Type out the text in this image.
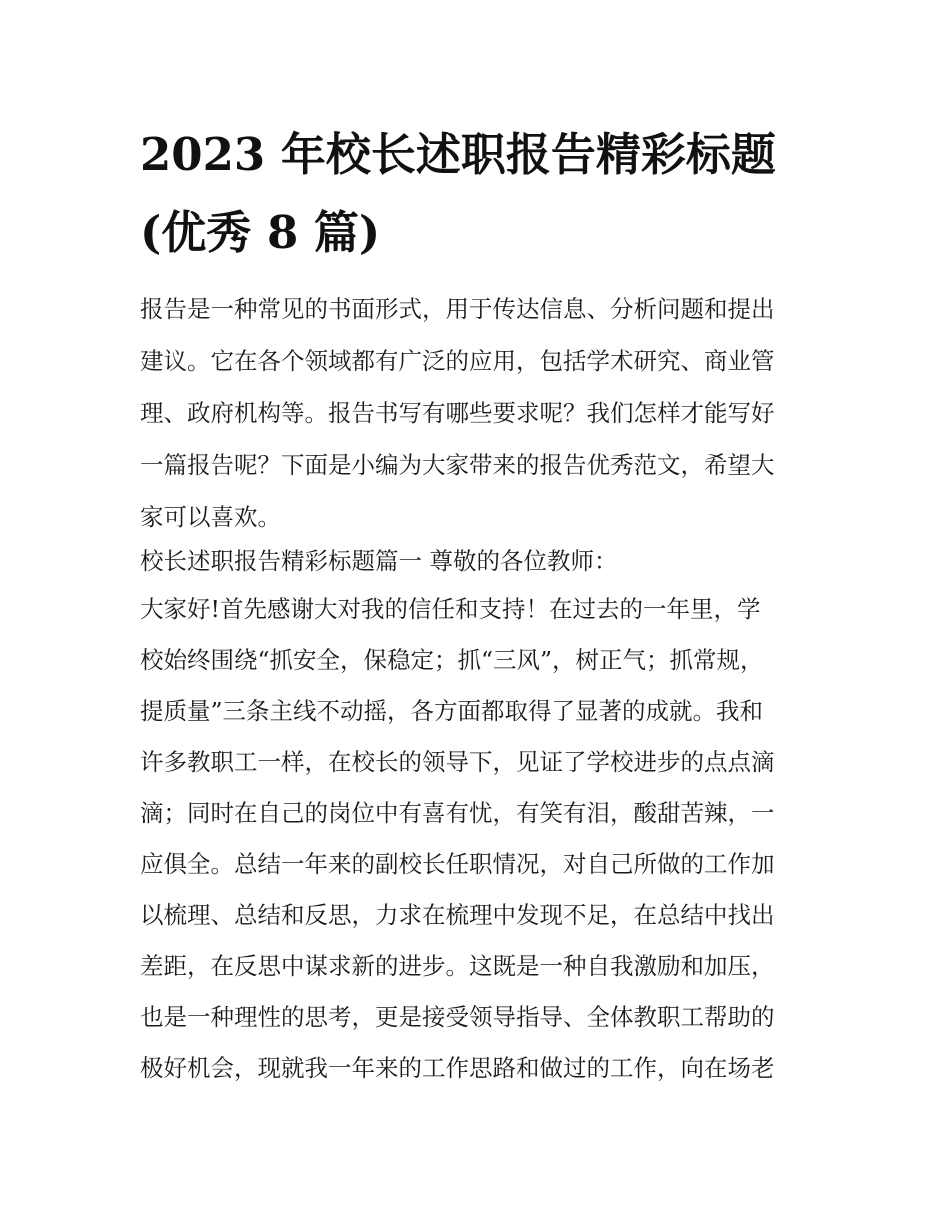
2023 年校长述职报告精彩标题
(优秀 8 篇)

报告是一种常见的书面形式，用于传达信息、分析问题和提出
建议。它在各个领域都有广泛的应用，包括学术研究、商业管
理、政府机构等。报告书写有哪些要求呢？我们怎样才能写好
一篇报告呢？下面是小编为大家带来的报告优秀范文，希望大
家可以喜欢。

校长述职报告精彩标题篇一 尊敬的各位教师：

大家好!首先感谢大对我的信任和支持！在过去的一年里，学
校始终围绕“抓安全，保稳定；抓“三风”，树正气；抓常规，
提质量”三条主线不动摇，各方面都取得了显著的成就。我和
许多教职工一样，在校长的领导下，见证了学校进步的点点滴
滴；同时在自己的岗位中有喜有忧，有笑有泪，酸甜苦辣，一
应俱全。总结一年来的副校长任职情况，对自己所做的工作加
以梳理、总结和反思，力求在梳理中发现不足，在总结中找出
差距，在反思中谋求新的进步。这既是一种自我激励和加压，
也是一种理性的思考，更是接受领导指导、全体教职工帮助的
极好机会，现就我一年来的工作思路和做过的工作，向在场老
